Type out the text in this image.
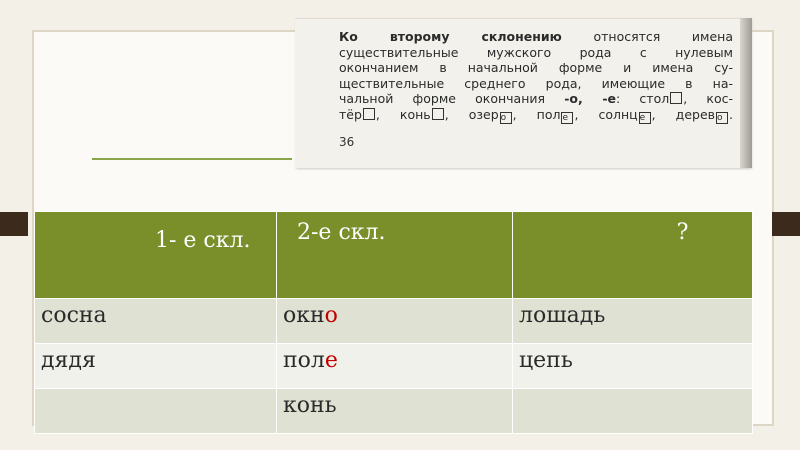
Ко второму склонению относятся имена
существительные мужского рода с нулевым
окончанием в начальной форме и имена су-
ществительные среднего рода, имеющие в на-
чальной форме окончания -о, -е: стол , кос-
тёр , конь , озер о , пол е , солнц е , дерев о .
36
1- е скл.	2-е скл.	?
сосна	окно	лошадь
дядя	поле	цепь
	конь	
